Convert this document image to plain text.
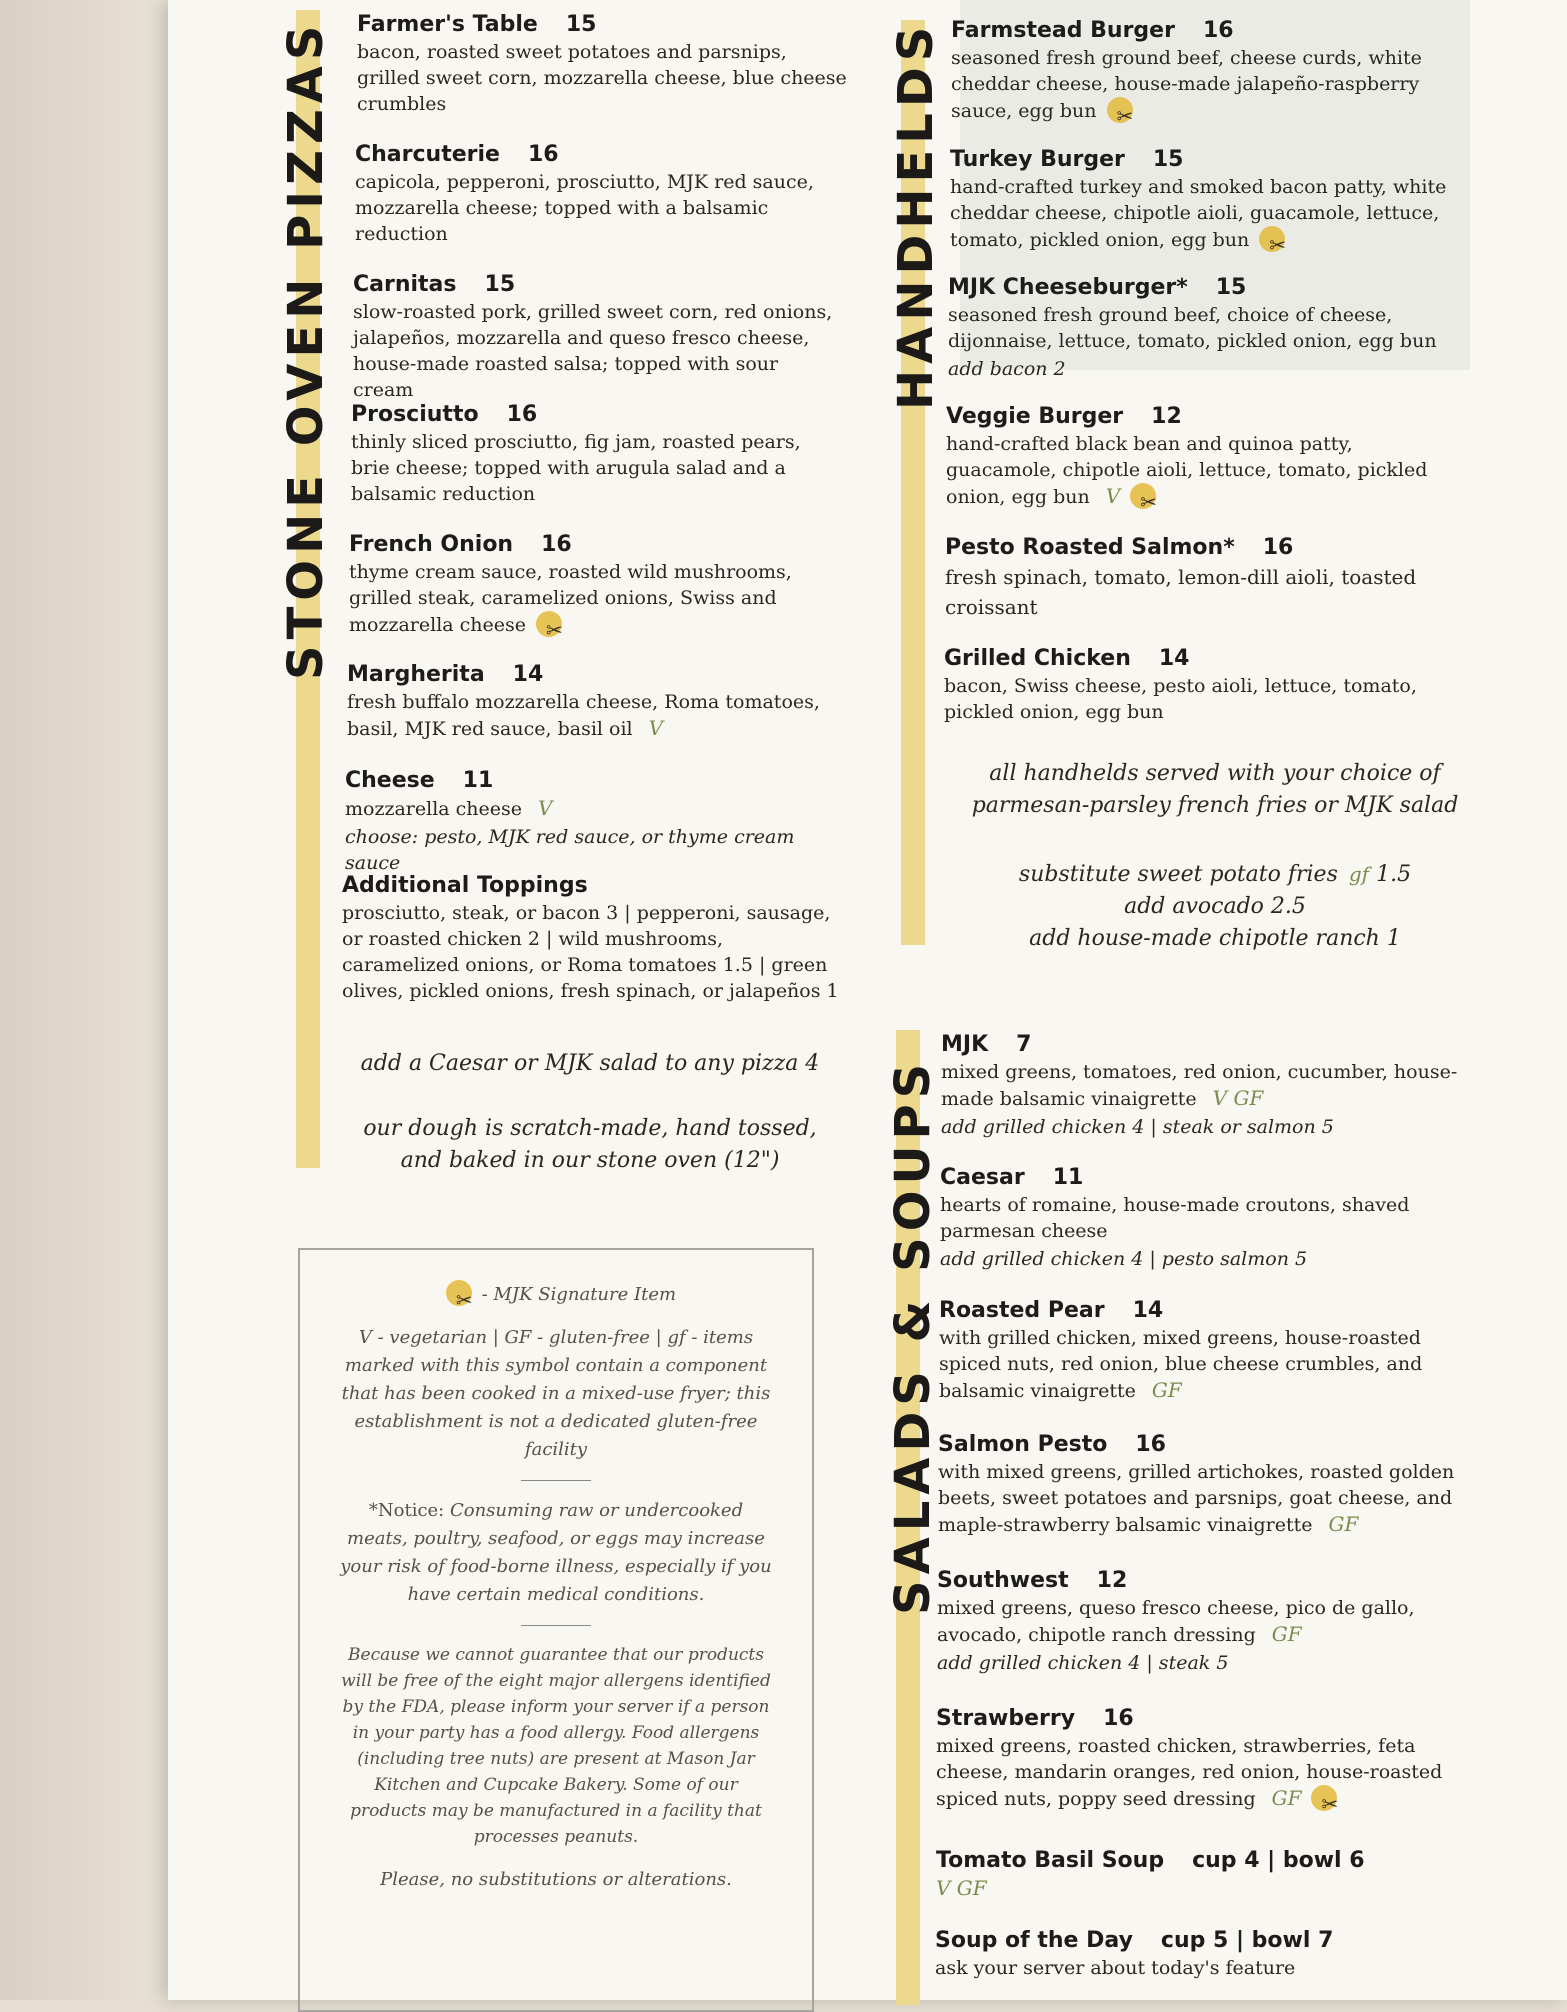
STONE OVEN PIZZAS	HANDHELDS
SALADS & SOUPS
Farmer's Table 15
bacon, roasted sweet potatoes and parsnips, grilled sweet corn, mozzarella cheese, blue cheese crumbles
Charcuterie 16
capicola, pepperoni, prosciutto, MJK red sauce, mozzarella cheese; topped with a balsamic reduction
Carnitas 15
slow-roasted pork, grilled sweet corn, red onions, jalapeños, mozzarella and queso fresco cheese, house-made roasted salsa; topped with sour cream
Prosciutto 16
thinly sliced prosciutto, fig jam, roasted pears, brie cheese; topped with arugula salad and a balsamic reduction
French Onion 16
thyme cream sauce, roasted wild mushrooms, grilled steak, caramelized onions, Swiss and mozzarella cheese ✂
Margherita 14
fresh buffalo mozzarella cheese, Roma tomatoes, basil, MJK red sauce, basil oil V
Cheese 11
mozzarella cheese V
choose: pesto, MJK red sauce, or thyme cream sauce
Additional Toppings
prosciutto, steak, or bacon 3 | pepperoni, sausage, or roasted chicken 2 | wild mushrooms, caramelized onions, or Roma tomatoes 1.5 | green olives, pickled onions, fresh spinach, or jalapeños 1
add a Caesar or MJK salad to any pizza 4
our dough is scratch-made, hand tossed, and baked in our stone oven (12")
✂ - MJK Signature Item
V - vegetarian | GF - gluten-free | gf - items marked with this symbol contain a component that has been cooked in a mixed-use fryer; this establishment is not a dedicated gluten-free facility
*Notice: Consuming raw or undercooked meats, poultry, seafood, or eggs may increase your risk of food-borne illness, especially if you have certain medical conditions.
Because we cannot guarantee that our products will be free of the eight major allergens identified by the FDA, please inform your server if a person in your party has a food allergy. Food allergens (including tree nuts) are present at Mason Jar Kitchen and Cupcake Bakery. Some of our products may be manufactured in a facility that processes peanuts.
Please, no substitutions or alterations.
Farmstead Burger 16
seasoned fresh ground beef, cheese curds, white cheddar cheese, house-made jalapeño-raspberry sauce, egg bun ✂
Turkey Burger 15
hand-crafted turkey and smoked bacon patty, white cheddar cheese, chipotle aioli, guacamole, lettuce, tomato, pickled onion, egg bun ✂
MJK Cheeseburger* 15
seasoned fresh ground beef, choice of cheese, dijonnaise, lettuce, tomato, pickled onion, egg bun
add bacon 2
Veggie Burger 12
hand-crafted black bean and quinoa patty, guacamole, chipotle aioli, lettuce, tomato, pickled onion, egg bun V ✂
Pesto Roasted Salmon* 16
fresh spinach, tomato, lemon-dill aioli, toasted croissant
Grilled Chicken 14
bacon, Swiss cheese, pesto aioli, lettuce, tomato, pickled onion, egg bun
all handhelds served with your choice of parmesan-parsley french fries or MJK salad
substitute sweet potato fries gf 1.5
add avocado 2.5
add house-made chipotle ranch 1
MJK 7
mixed greens, tomatoes, red onion, cucumber, house-made balsamic vinaigrette V GF
add grilled chicken 4 | steak or salmon 5
Caesar 11
hearts of romaine, house-made croutons, shaved parmesan cheese
add grilled chicken 4 | pesto salmon 5
Roasted Pear 14
with grilled chicken, mixed greens, house-roasted spiced nuts, red onion, blue cheese crumbles, and balsamic vinaigrette GF
Salmon Pesto 16
with mixed greens, grilled artichokes, roasted golden beets, sweet potatoes and parsnips, goat cheese, and maple-strawberry balsamic vinaigrette GF
Southwest 12
mixed greens, queso fresco cheese, pico de gallo, avocado, chipotle ranch dressing GF
add grilled chicken 4 | steak 5
Strawberry 16
mixed greens, roasted chicken, strawberries, feta cheese, mandarin oranges, red onion, house-roasted spiced nuts, poppy seed dressing GF ✂
Tomato Basil Soup cup 4 | bowl 6
V GF
Soup of the Day cup 5 | bowl 7
ask your server about today's feature
